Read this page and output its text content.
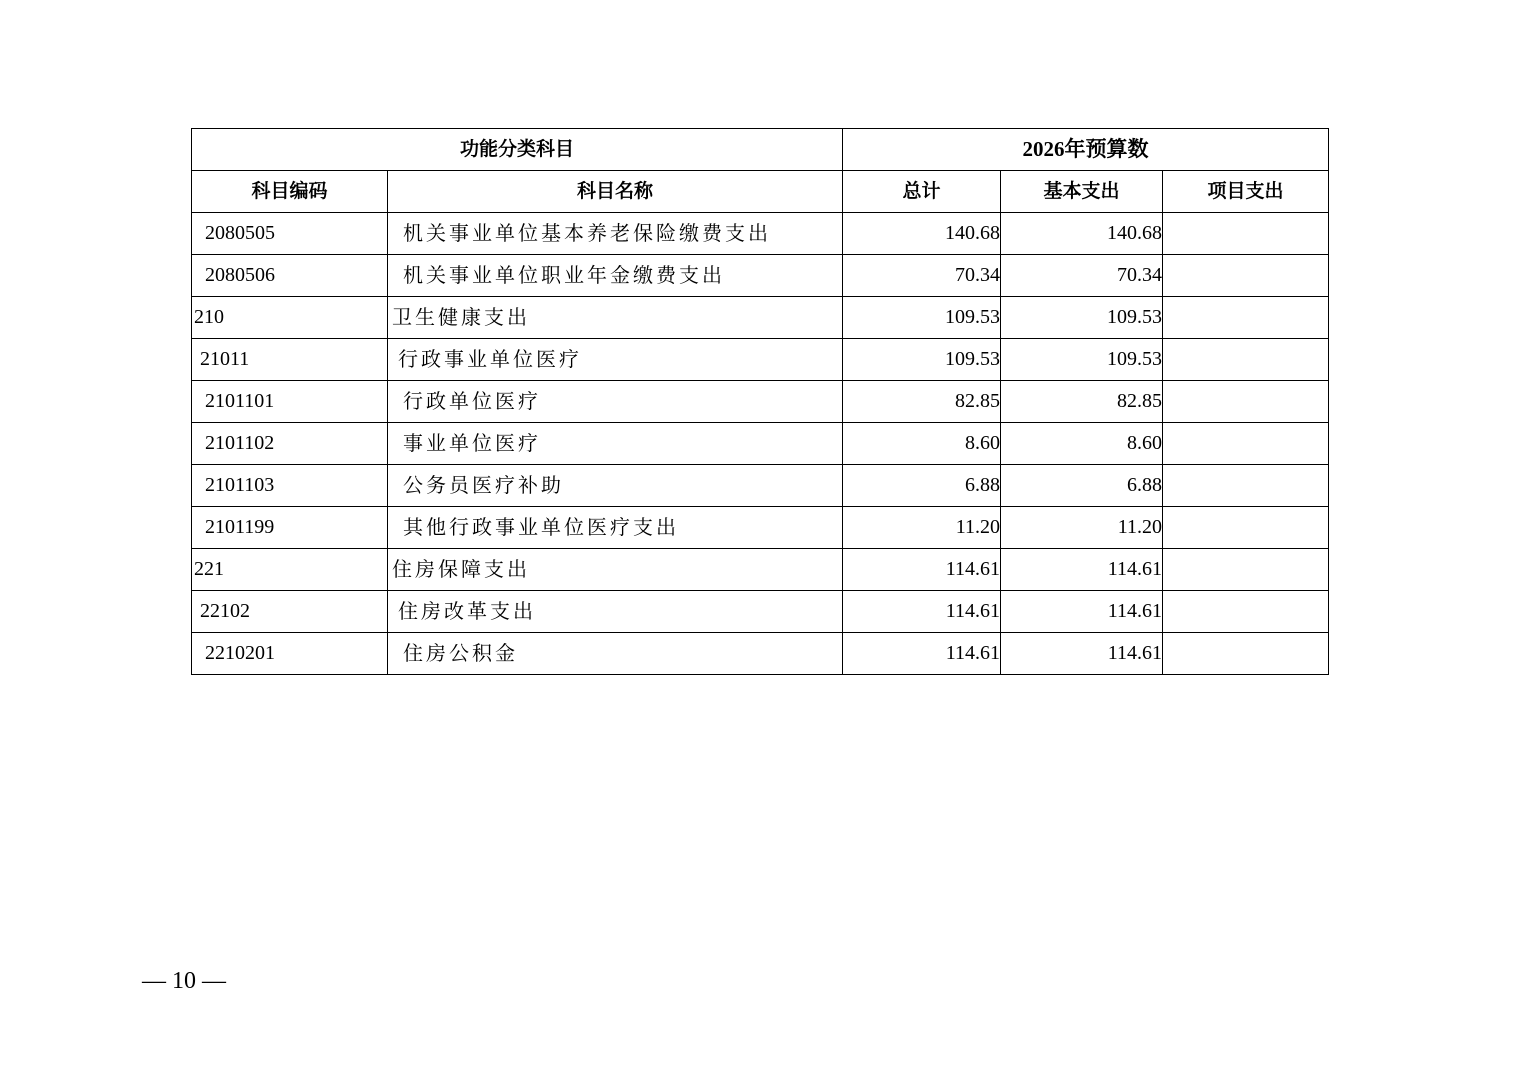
功能分类科目		2026年预算数		
科目编码	科目名称	总计	基本支出	项目支出
2080505	机关事业单位基本养老保险缴费支出	140.68	140.68	
2080506	机关事业单位职业年金缴费支出	70.34	70.34	
210	卫生健康支出	109.53	109.53	
21011	行政事业单位医疗	109.53	109.53	
2101101	行政单位医疗	82.85	82.85	
2101102	事业单位医疗	8.60	8.60	
2101103	公务员医疗补助	6.88	6.88	
2101199	其他行政事业单位医疗支出	11.20	11.20	
221	住房保障支出	114.61	114.61	
22102	住房改革支出	114.61	114.61	
2210201	住房公积金	114.61	114.61	
— 10 —
